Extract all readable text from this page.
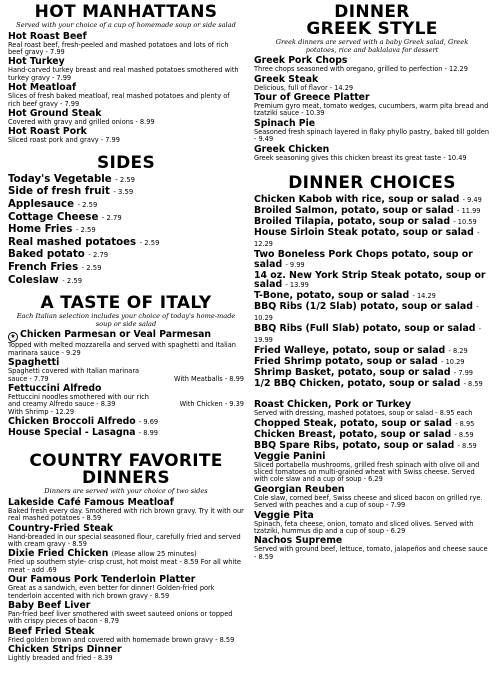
HOT MANHATTANS
Served with your choice of a cup of homemade soup or side salad
Hot Roast Beef
Real roast beef, fresh-peeled and mashed potatoes and lots of rich beef gravy - 7.99
Hot Turkey
Hand-carved turkey breast and real mashed potatoes smothered with turkey gravy - 7.99
Hot Meatloaf
Slices of fresh baked meatloaf, real mashed potatoes and plenty of rich beef gravy - 7.99
Hot Ground Steak
Covered with gravy and grilled onions - 8.99
Hot Roast Pork
Sliced roast pork and gravy - 7.99
SIDES
Today's Vegetable - 2.59
Side of fresh fruit - 3.59
Applesauce - 2.59
Cottage Cheese - 2.79
Home Fries - 2.59
Real mashed potatoes - 2.59
Baked potato - 2.79
French Fries - 2.59
Coleslaw - 2.59
A TASTE OF ITALY
Each Italian selection includes your choice of today's home-made soup or side salad
★ Chicken Parmesan or Veal Parmesan
Topped with melted mozzarella and served with spaghetti and Italian marinara sauce - 9.29
Spaghetti
Spaghetti covered with Italian marinara sauce - 7.79	With Meatballs - 8.99
Fettuccini Alfredo
Fettuccini noodles smothered with our rich and creamy Alfredo sauce - 8.39	With Chicken - 9.39
With Shrimp - 12.29
Chicken Broccoli Alfredo - 9.69
House Special - Lasagna - 8.99
COUNTRY FAVORITE
DINNERS
Dinners are served with your choice of two sides
Lakeside Café Famous Meatloaf
Baked fresh every day. Smothered with rich brown gravy. Try it with our real mashed potatoes - 8.59
Country-Fried Steak
Hand-breaded in our special seasoned flour, carefully fried and served with cream gravy - 8.59
Dixie Fried Chicken (Please allow 25 minutes)
Fried up southern style- crisp crust, hot moist meat - 8.59 For all white meat - add .69
Our Famous Pork Tenderloin Platter
Great as a sandwich, even better for dinner! Golden-fried pork tenderloin accented with rich brown gravy - 8.59
Baby Beef Liver
Pan-fried beef liver smothered with sweet sauteed onions or topped with crispy pieces of bacon - 8.79
Beef Fried Steak
Fried golden brown and covered with homemade brown gravy - 8.59
Chicken Strips Dinner
Lightly breaded and fried - 8.39
DINNER
GREEK STYLE
Greek dinners are served with a baby Greek salad, Greek potatoes, rice and baklalava for dessert
Greek Pork Chops
Three chops seasoned with oregano, grilled to perfection - 12.29
Greek Steak
Delicious, full of flavor - 14.29
Tour of Greece Platter
Premium gyro meat, tomato wedges, cucumbers, warm pita bread and tzatziki sauce - 10.39
Spinach Pie
Seasoned fresh spinach layered in flaky phyllo pastry, baked till golden - 9.49
Greek Chicken
Greek seasoning gives this chicken breast its great taste - 10.49
DINNER CHOICES
Chicken Kabob with rice, soup or salad - 9.49
Broiled Salmon, potato, soup or salad - 11.99
Broiled Tilapia, potato, soup or salad - 10.59
House Sirloin Steak potato, soup or salad - 12.29
Two Boneless Pork Chops potato, soup or salad - 9.99
14 oz. New York Strip Steak potato, soup or salad - 13.99
T-Bone, potato, soup or salad - 14.29
BBQ Ribs (1/2 Slab) potato, soup or salad - 10.29
BBQ Ribs (Full Slab) potato, soup or salad - 19.99
Fried Walleye, potato, soup or salad - 8.29
Fried Shrimp potato, soup or salad - 10.29
Shrimp Basket, potato, soup or salad - 7.99
1/2 BBQ Chicken, potato, soup or salad - 8.59
Roast Chicken, Pork or Turkey
Served with dressing, mashed potatoes, soup or salad - 8.95 each
Chopped Steak, potato, soup or salad - 8.95
Chicken Breast, potato, soup or salad - 8.59
BBQ Spare Ribs, potato, soup or salad - 8.59
Veggie Panini
Sliced portabella mushrooms, grilled fresh spinach with olive oil and sliced tomatoes on multi-grained wheat with Swiss cheese. Served with cole slaw and a cup of soup - 6.29
Georgian Reuben
Cole slaw, corned beef, Swiss cheese and sliced bacon on grilled rye. Served with peaches and a cup of soup - 7.99
Veggie Pita
Spinach, feta cheese, onion, tomato and sliced olives. Served with tzatziki, hummus dip and a cup of soup - 6.29
Nachos Supreme
Served with ground beef, lettuce, tomato, jalapeños and cheese sauce - 8.59
